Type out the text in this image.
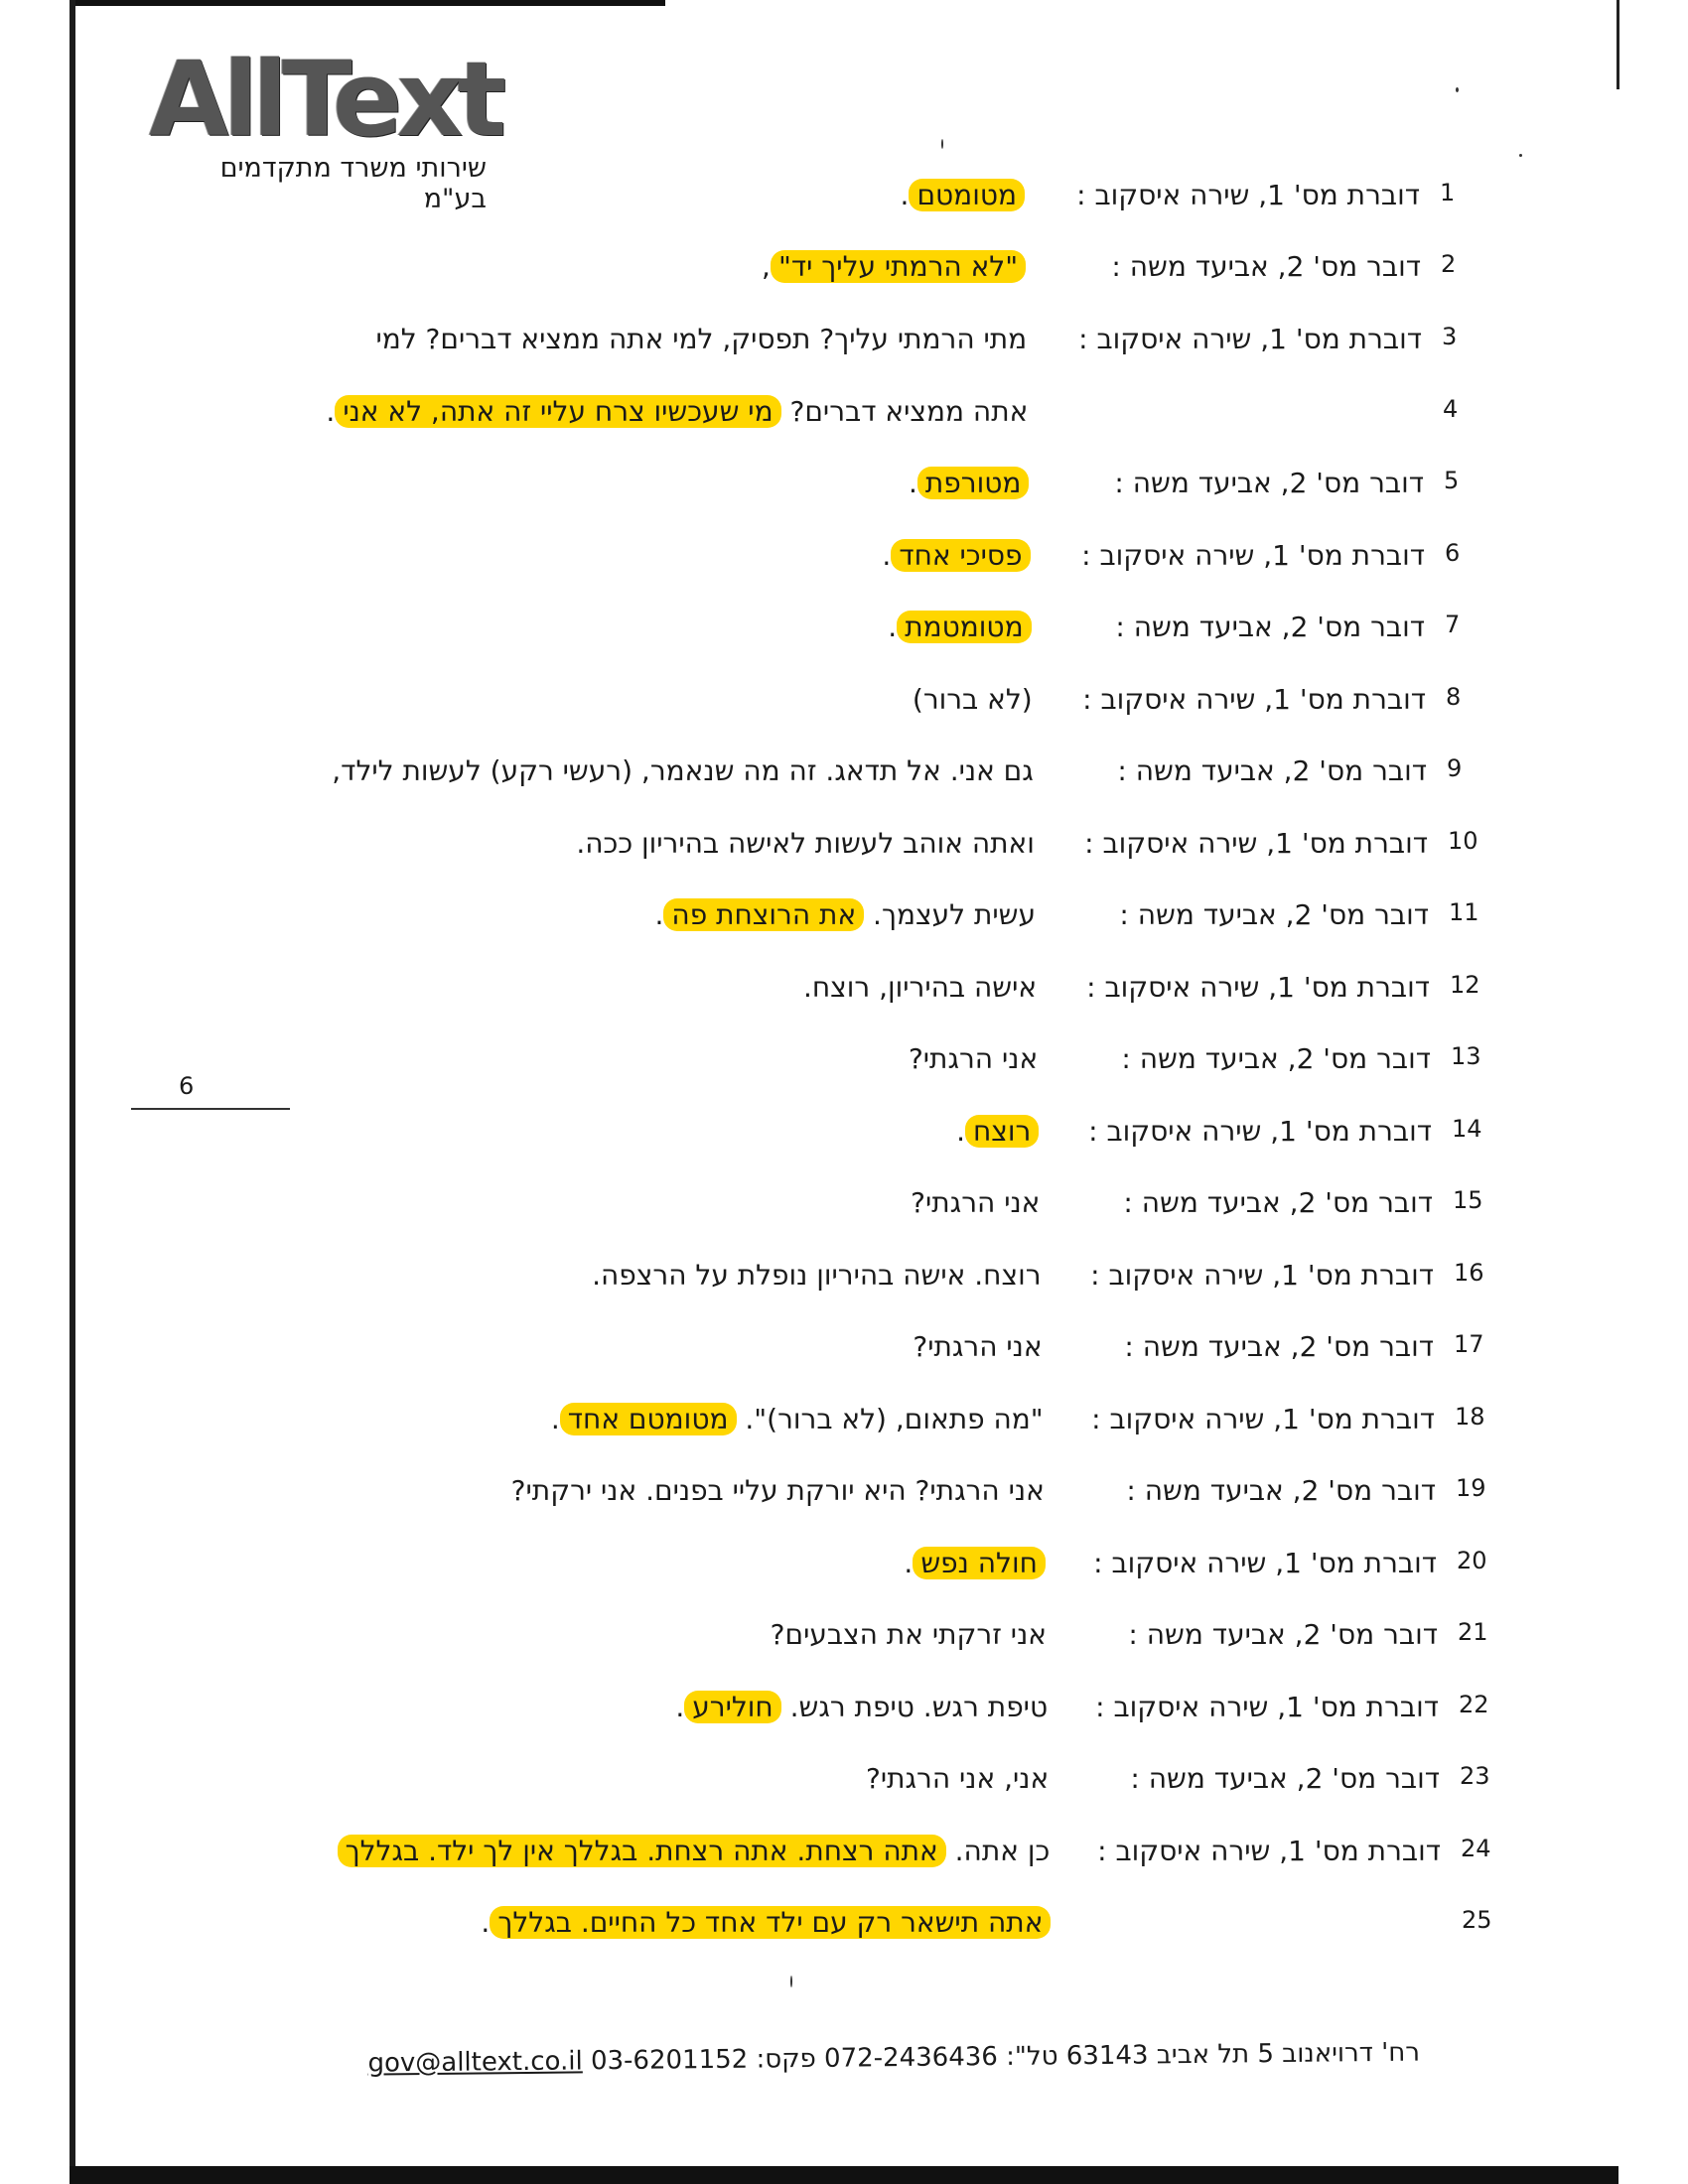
AllText
שירותי משרד מתקדמים בע"מ
6
1
דוברת מס' 1, שירה איסקוב :
מטומטם.
2
דובר מס' 2, אביעד משה :
"לא הרמתי עליך יד",
3
דוברת מס' 1, שירה איסקוב :
מתי הרמתי עליך? תפסיק, למי אתה ממציא דברים? למי
4
אתה ממציא דברים? מי שעכשיו צרח עליי זה אתה, לא אני.
5
דובר מס' 2, אביעד משה :
מטורפת.
6
דוברת מס' 1, שירה איסקוב :
פסיכי אחד.
7
דובר מס' 2, אביעד משה :
מטומטמת.
8
דוברת מס' 1, שירה איסקוב :
(לא ברור)
9
דובר מס' 2, אביעד משה :
גם אני. אל תדאג. זה מה שנאמר, (רעשי רקע) לעשות לילד,
10
דוברת מס' 1, שירה איסקוב :
ואתה אוהב לעשות לאישה בהיריון ככה.
11
דובר מס' 2, אביעד משה :
עשית לעצמך. את הרוצחת פה.
12
דוברת מס' 1, שירה איסקוב :
אישה בהיריון, רוצח.
13
דובר מס' 2, אביעד משה :
אני הרגתי?
14
דוברת מס' 1, שירה איסקוב :
רוצח.
15
דובר מס' 2, אביעד משה :
אני הרגתי?
16
דוברת מס' 1, שירה איסקוב :
רוצח. אישה בהיריון נופלת על הרצפה.
17
דובר מס' 2, אביעד משה :
אני הרגתי?
18
דוברת מס' 1, שירה איסקוב :
"מה פתאום, (לא ברור)". מטומטם אחד.
19
דובר מס' 2, אביעד משה :
אני הרגתי? היא יורקת עליי בפנים. אני ירקתי?
20
דוברת מס' 1, שירה איסקוב :
חולה נפש.
21
דובר מס' 2, אביעד משה :
אני זרקתי את הצבעים?
22
דוברת מס' 1, שירה איסקוב :
טיפת רגש. טיפת רגש. חולירע.
23
דובר מס' 2, אביעד משה :
אני, אני הרגתי?
24
דוברת מס' 1, שירה איסקוב :
כן אתה. אתה רצחת. אתה רצחת. בגללך אין לך ילד. בגללך
25
אתה תישאר רק עם ילד אחד כל החיים. בגללך.
רח' דרויאנוב 5 תל אביב 63143 טל": 072-2436436 פקס: 03-6201152 gov@alltext.co.il
